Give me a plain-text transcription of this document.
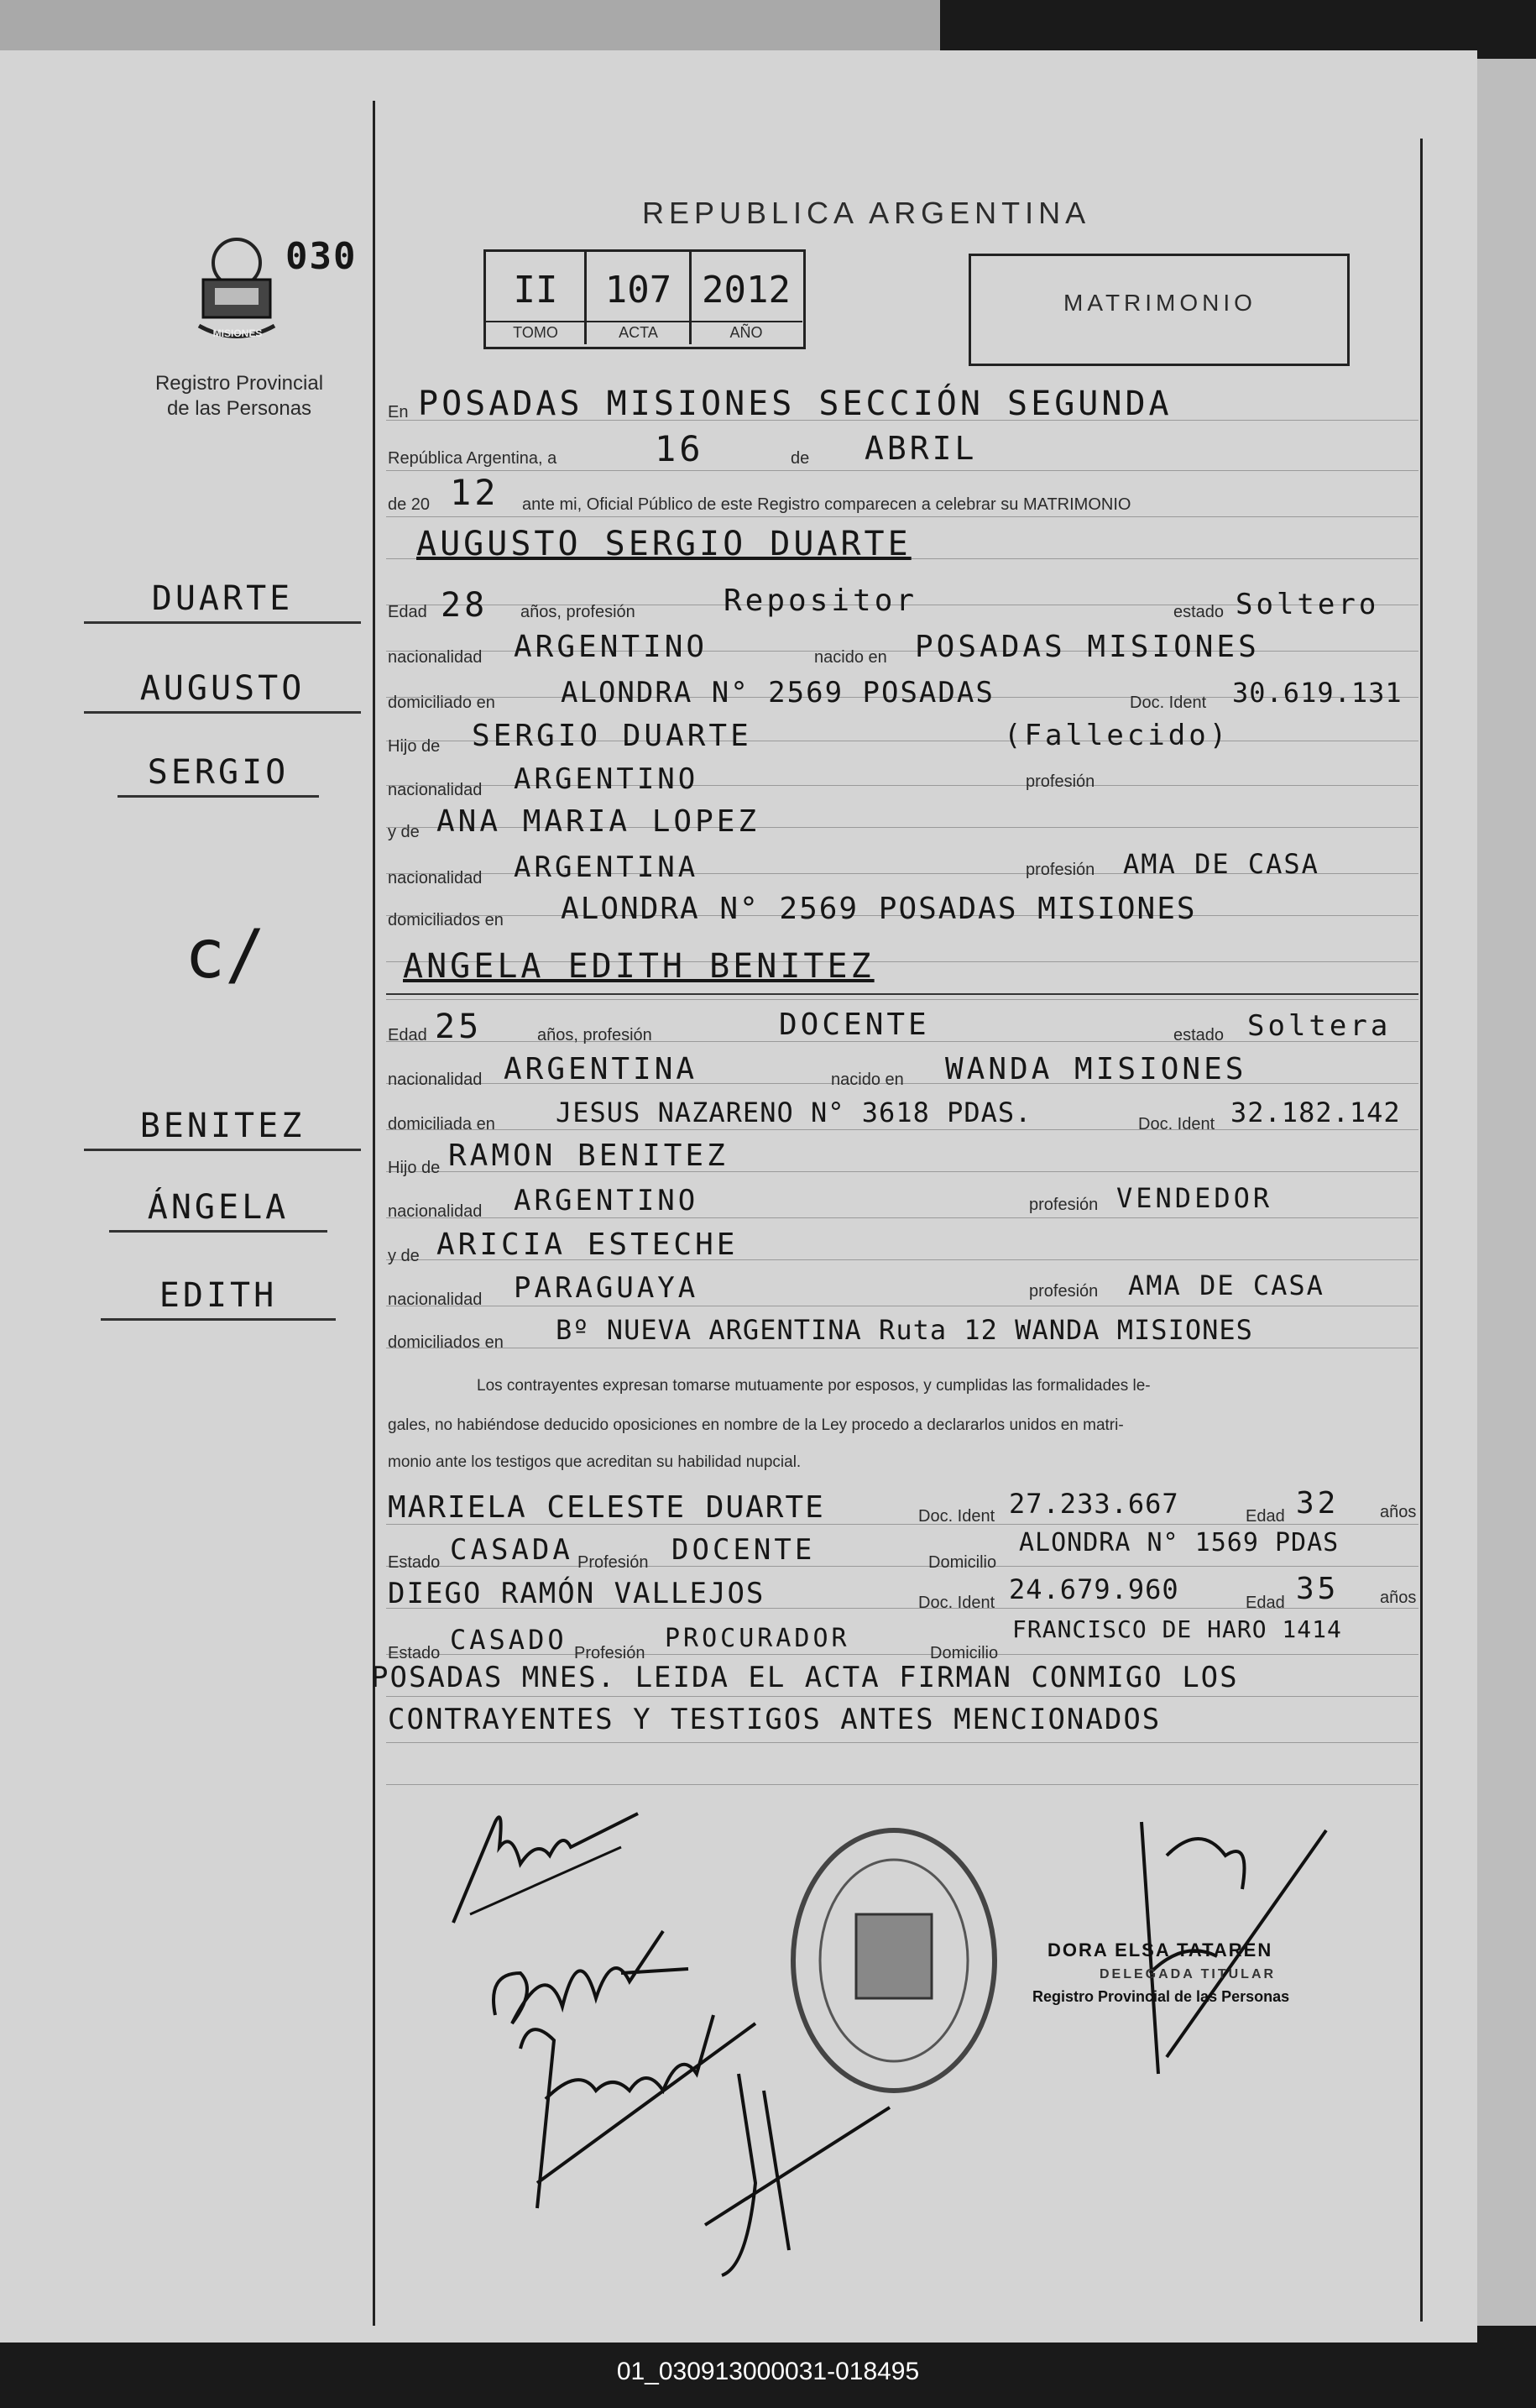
REPUBLICA ARGENTINA
MISIONES
030
Registro Provincial
de las Personas
II	107 2012
TOMO	ACTA	AÑO
MATRIMONIO
En POSADAS MISIONES SECCIÓN SEGUNDA
República Argentina, a	16	de ABRIL
de 20 12 ante mi, Oficial Público de este Registro comparecen a celebrar su MATRIMONIO
AUGUSTO SERGIO DUARTE
Edad 28 años, profesión	Repositor	estado Soltero
nacionalidad ARGENTINO	nacido en POSADAS MISIONES
domiciliado en ALONDRA N° 2569 POSADAS	Doc. Ident 30.619.131
Hijo de SERGIO DUARTE	(Fallecido)
nacionalidad ARGENTINO	profesión
y de ANA MARIA LOPEZ
nacionalidad ARGENTINA	profesión AMA DE CASA
domiciliados en ALONDRA N° 2569 POSADAS MISIONES
ANGELA EDITH BENITEZ
Edad 25	años, profesión	DOCENTE	estado Soltera
nacionalidad ARGENTINA	nacido en WANDA MISIONES
domiciliada en JESUS NAZARENO N° 3618 PDAS.	Doc. Ident 32.182.142
Hijo de RAMON BENITEZ
nacionalidad ARGENTINO	profesión VENDEDOR
y de ARICIA ESTECHE
nacionalidad PARAGUAYA	profesión AMA DE CASA
domiciliados en Bº NUEVA ARGENTINA Ruta 12 WANDA MISIONES
DUARTE
AUGUSTO
SERGIO
c/
BENITEZ
ÁNGELA
EDITH
Los contrayentes expresan tomarse mutuamente por esposos, y cumplidas las formalidades le-
gales, no habiéndose deducido oposiciones en nombre de la Ley procedo a declararlos unidos en matri-
monio ante los testigos que acreditan su habilidad nupcial.
MARIELA CELESTE DUARTE	Doc. Ident 27.233.667	Edad 32 años
Estado CASADA Profesión DOCENTE	Domicilio
ALONDRA N° 1569 PDAS
DIEGO RAMÓN VALLEJOS	Doc. Ident 24.679.960	Edad 35 años
Estado CASADO Profesión PROCURADOR	Domicilio
FRANCISCO DE HARO 1414
POSADAS MNES. LEIDA EL ACTA FIRMAN CONMIGO LOS
CONTRAYENTES Y TESTIGOS ANTES MENCIONADOS
DORA ELSA TATAREN
DELEGADA TITULAR
Registro Provincial de las Personas
01_030913000031-018495
